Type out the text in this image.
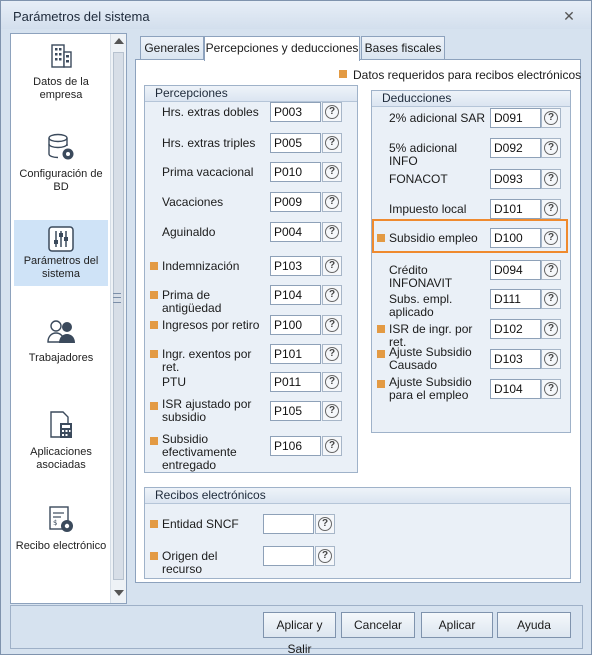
Parámetros del sistema	✕
Datos de la empresa
Configuración de BD
Parámetros del sistema
Trabajadores
Aplicaciones asociadas
$
Recibo electrónico
Generales Percepciones y deducciones Bases fiscales
Datos requeridos para recibos electrónicos
Percepciones
Hrs. extras dobles
P003	?
Hrs. extras triples
P005	?
Prima vacacional
P010	?
Vacaciones
P009	?
Aguinaldo
P004	?
Indemnización
P103	?
Prima de antigüedad
P104
?
Ingresos por retiro
P100	?
Ingr. exentos por ret.
P101
?
PTU
P011	?
ISR ajustado por subsidio
P105	?
Subsidio efectivamente entregado
P106
?
Deducciones
2% adicional SAR
D091	?
5% adicional INFO
D092
?
FONACOT
D093	?
Impuesto local
D101	?
Subsidio empleo
D100	?
Crédito INFONAVIT
D094
?
Subs. empl. aplicado
D111
?
ISR de ingr. por ret.
D102
?
Ajuste Subsidio Causado
D103	?
Ajuste Subsidio para el empleo
D104	?
Recibos electrónicos
Entidad SNCF	?
Origen del recurso
?
Aplicar y Salir
Cancelar	Aplicar	Ayuda
